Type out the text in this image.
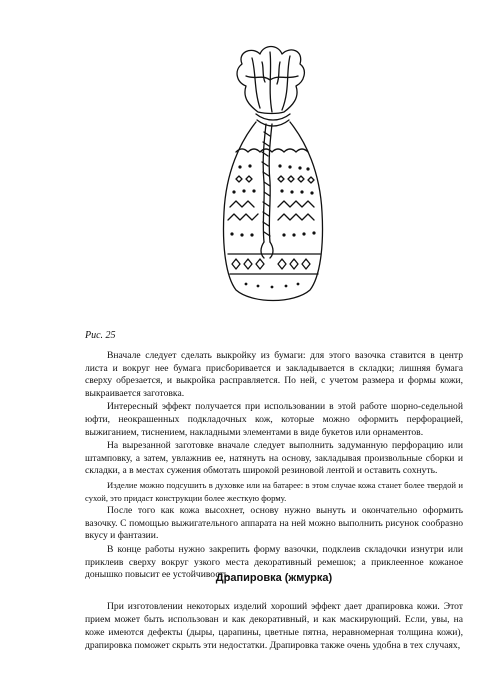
Рис. 25

Вначале следует сделать выкройку из бумаги: для этого вазочка ставится в центр листа и вокруг нее бумага присборивается и закладывается в складки; лишняя бумага сверху обрезается, и выкройка расправляется. По ней, с учетом размера и формы кожи, выкраивается заготовка.

Интересный эффект получается при использовании в этой работе шорно-седельной юфти, неокрашенных подкладочных кож, которые можно оформить перфорацией, выжиганием, тиснением, накладными элементами в виде букетов или орнаментов.

На вырезанной заготовке вначале следует выполнить задуманную перфорацию или штамповку, а затем, увлажнив ее, натянуть на основу, закладывая произвольные сборки и складки, а в местах сужения обмотать широкой резиновой лентой и оставить сохнуть.

Изделие можно подсушить в духовке или на батарее: в этом случае кожа станет более твердой и сухой, это придаст конструкции более жесткую форму.

После того как кожа высохнет, основу нужно вынуть и окончательно оформить вазочку. С помощью выжигательного аппарата на ней можно выполнить рисунок сообразно вкусу и фантазии.

В конце работы нужно закрепить форму вазочки, подклеив складочки изнутри или приклеив сверху вокруг узкого места декоративный ремешок; а приклеенное кожаное донышко повысит ее устойчивость.

Драпировка (жмурка)

При изготовлении некоторых изделий хороший эффект дает драпировка кожи. Этот прием может быть использован и как декоративный, и как маскирующий. Если, увы, на коже имеются дефекты (дыры, царапины, цветные пятна, неравномерная толщина кожи), драпировка поможет скрыть эти недостатки. Драпировка также очень удобна в тех случаях,
